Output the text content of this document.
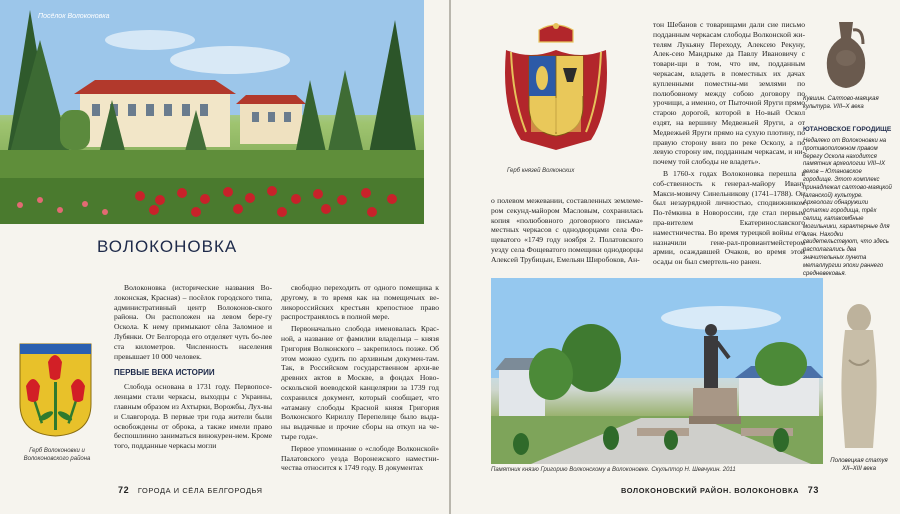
Посёлок Волоконовка
ВОЛОКОНОВКА

Волоконовка (исторические названия Во-локонская, Красная) – посёлок городского типа, административный центр Волоконов-ского района. Он расположен на левом бере-гу Оскола. К нему примыкают сёла Заломное и Лубянки. От Белгорода его отделяет чуть бо-лее ста километров. Численность населения превышает 10 000 человек.

ПЕРВЫЕ ВЕКА ИСТОРИИ

Слобода основана в 1731 году. Первопосе-ленцами стали черкасы, выходцы с Украины, главным образом из Ахтырки, Ворожбы, Лух-вы и Славгорода. В первые три года жители были освобождены от оброка, а также имели право беспошлинно заниматься винокурен-ием. Кроме того, подданные черкасы могли

свободно переходить от одного помещика к другому, в то время как на помещичьих ве-ликороссийских крестьян крепостное право распространялось в полной мере.

Первоначально слобода именовалась Крас-ной, а название от фамилии владельца – князя Григория Волконского – закрепилось позже. Об этом можно судить по архивным докумен-там. Так, в Российском государственном архи-ве древних актов в Москве, в фондах Ново-оскольской воеводской канцелярии за 1739 год сохранился документ, который сообщает, что «атаману слободы Красной князя Григория Волконского Кириллу Перепелице было выда-ны выдачные и прочие сборы на откуп на че-тыре года».

Первое упоминание о «слободе Волконской» Палатовского уезда Воронежского наместни-чества относится к 1749 году. В документах

Герб Волоконовки и Волоконовского района
72 ГОРОДА И СЁЛА БЕЛГОРОДЬЯ
Герб князей Волконских

о полевом межевании, составленных землеме-ром секунд-майором Масловым, сохранилась копия «полюбовного договорного письма» местных черкасов с однодворцами села Фо-щеватого «1749 году ноября 2. Полатовского уезду села Фощеватого помещики однодворцы Алексей Трубицын, Емельян Широбоков, Ан-

тон Шебанов с товарищами дали сие письмо подданным черкасам слободы Волконской жи-телям Лукьяну Переходу, Алексею Рекуну, Алек-сею Мандрыке да Павлу Ивановичу с товари-щи в том, что им, подданным черкасам, владеть в поместных их дачах купленными поместны-ми землями по полюбовному между собою договору по урочищи, а именно, от Пыточной Яруги прямо старою дорогой, которой в Но-вый Оскол ездят, на вершину Медвежьей Яруги, а от Медвежьей Яруги прямо на сухую плотину, по правую сторону вниз по реке Осколу, а по левую сторону им, подданным черкасам, и ни-почему той слободы не владеть».

В 1760-х годах Волоконовка перешла в соб-ственность к генерал-майору Ивану Макси-мовичу Синельникову (1741–1788). Он был незаурядной личностью, сподвижником По-тёмкина в Новороссии, где стал первым пра-вителем Екатеринославского наместничества. Во время турецкой войны его назначили гене-рал-провиантмейстером армии, осаждавшей Очаков, во время этой осады он был смертель-но ранен.

Памятник князю Григорию Волконскому в Волоконовке. Скульптор Н. Шевчукин. 2011
Кувшин. Салтово-маяцкая культура. VIII–X века
ЮТАНОВСКОЕ ГОРОДИЩЕ
Недалеко от Волоконовки на противоположном правом берегу Оскола находится памятник археологии VIII–IX веков – Ютановское городище. Этот комплекс принадлежал салтово-маяцкой (аланской) культуре. Археологи обнаружили остатки городища, трёх селищ, катакомбные могильники, характерные для алан. Находки свидетельствуют, что здесь располагались два значительных пункта металлургии эпохи раннего средневековья.
Половецкая статуя XII–XIII века
ВОЛОКОНОВСКИЙ РАЙОН. ВОЛОКОНОВКА 73
